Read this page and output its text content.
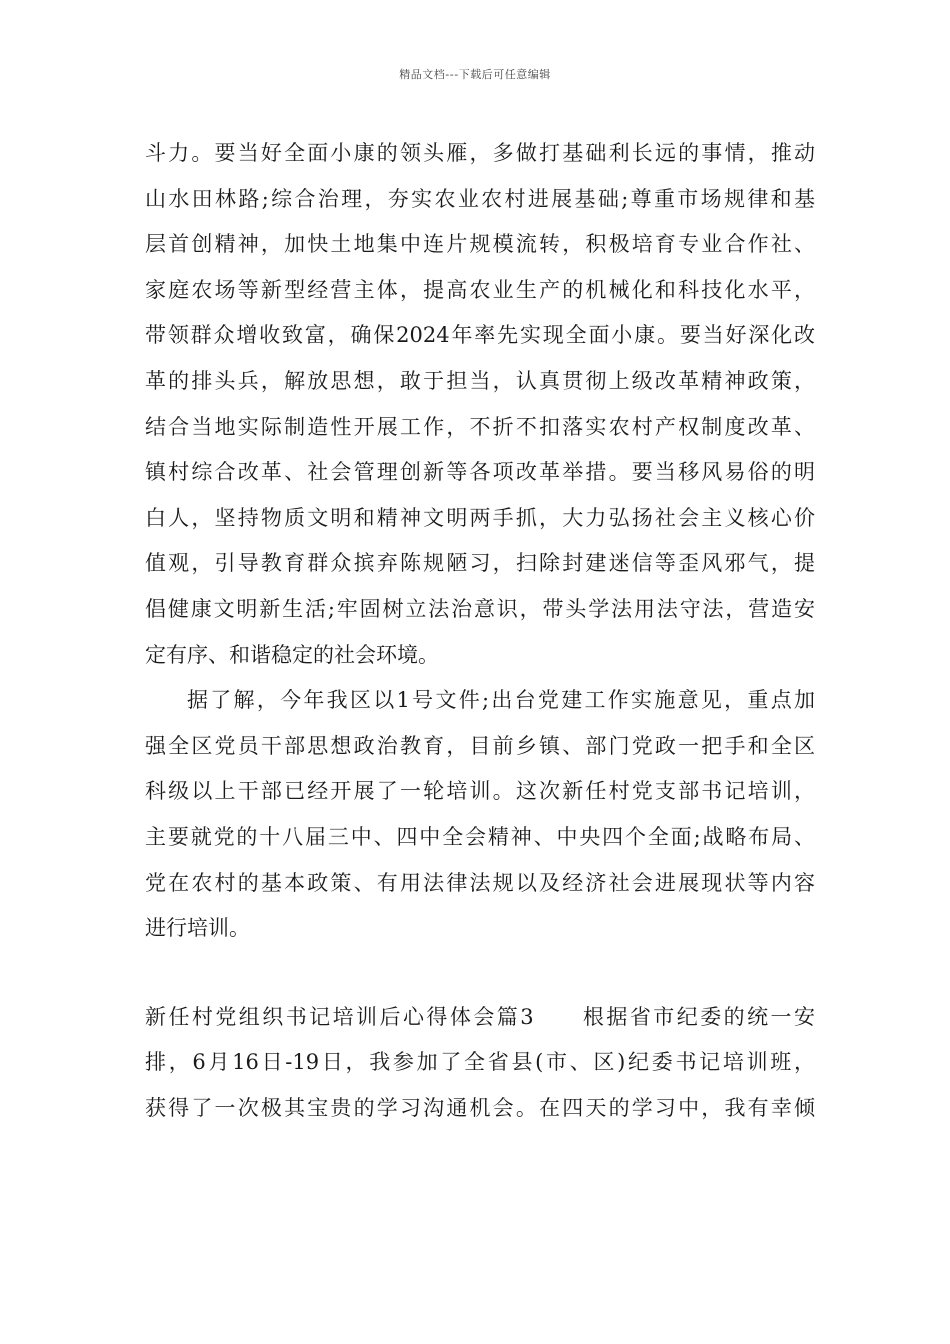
精品文档---下载后可任意编辑
斗力。要当好全面小康的领头雁，多做打基础利长远的事情，推动
山水田林路;综合治理，夯实农业农村进展基础;尊重市场规律和基
层首创精神，加快土地集中连片规模流转，积极培育专业合作社、
家庭农场等新型经营主体，提高农业生产的机械化和科技化水平，
带领群众增收致富，确保2024年率先实现全面小康。要当好深化改
革的排头兵，解放思想，敢于担当，认真贯彻上级改革精神政策，
结合当地实际制造性开展工作，不折不扣落实农村产权制度改革、
镇村综合改革、社会管理创新等各项改革举措。要当移风易俗的明
白人，坚持物质文明和精神文明两手抓，大力弘扬社会主义核心价
值观，引导教育群众摈弃陈规陋习，扫除封建迷信等歪风邪气，提
倡健康文明新生活;牢固树立法治意识，带头学法用法守法，营造安
定有序、和谐稳定的社会环境。
据了解，今年我区以1号文件;出台党建工作实施意见，重点加
强全区党员干部思想政治教育，目前乡镇、部门党政一把手和全区
科级以上干部已经开展了一轮培训。这次新任村党支部书记培训，
主要就党的十八届三中、四中全会精神、中央四个全面;战略布局、
党在农村的基本政策、有用法律法规以及经济社会进展现状等内容
进行培训。
新任村党组织书记培训后心得体会篇3　　根据省市纪委的统一安
排，6月16日-19日，我参加了全省县(市、区)纪委书记培训班，
获得了一次极其宝贵的学习沟通机会。在四天的学习中，我有幸倾
